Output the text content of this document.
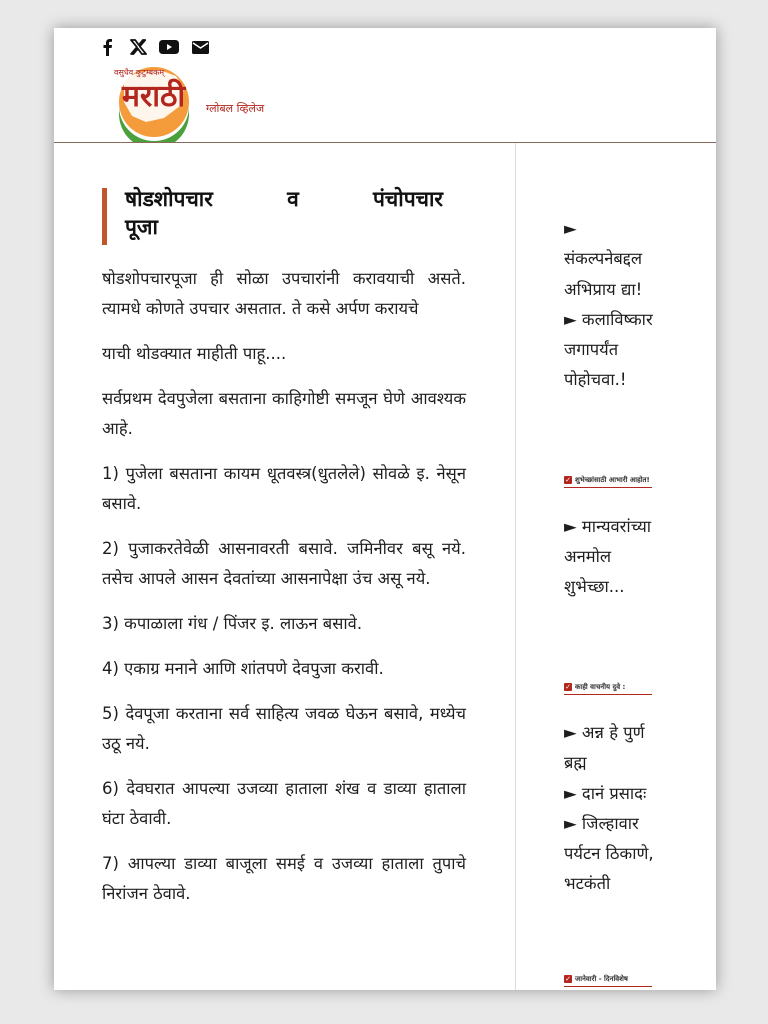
वसुधैव कुटुम्बकम्
मराठी ग्लोबल व्हिलेज
षोडशोपचार व पंचोपचार
पूजा

षोडशोपचारपूजा ही सोळा उपचारांनी करावयाची असते. त्यामधे कोणते उपचार असतात. ते कसे अर्पण करायचे

याची थोडक्यात माहीती पाहू....

सर्वप्रथम देवपुजेला बसताना काहिगोष्टी समजून घेणे आवश्यक आहे.

1) पुजेला बसताना कायम धूतवस्त्र(धुतलेले) सोवळे इ. नेसून बसावे.

2) पुजाकरतेवेळी आसनावरती बसावे. जमिनीवर बसू नये. तसेच आपले आसन देवतांच्या आसनापेक्षा उंच असू नये.

3) कपाळाला गंध / पिंजर इ. लाऊन बसावे.

4) एकाग्र मनाने आणि शांतपणे देवपुजा करावी.

5) देवपूजा करताना सर्व साहित्य जवळ घेऊन बसावे, मध्येच उठू नये.

6) देवघरात आपल्या उजव्या हाताला शंख व डाव्या हाताला घंटा ठेवावी.

7) आपल्या डाव्या बाजूला समई व उजव्या हाताला तुपाचे निरांजन ठेवावे.

►
संकल्पनेबद्दल
अभिप्राय द्या!
► कलाविष्कार
जगापर्यंत
पोहोचवा.!
✓ शुभेच्छांसाठी आभारी आहोत!
► मान्यवरांच्या
अनमोल
शुभेच्छा...
✓ काही वाचनीय दुवे :
► अन्न हे पुर्ण
ब्रह्म
► दानं प्रसादः
► जिल्हावार
पर्यटन ठिकाणे,
भटकंती
✓ जानेवारी - दिनविशेष
